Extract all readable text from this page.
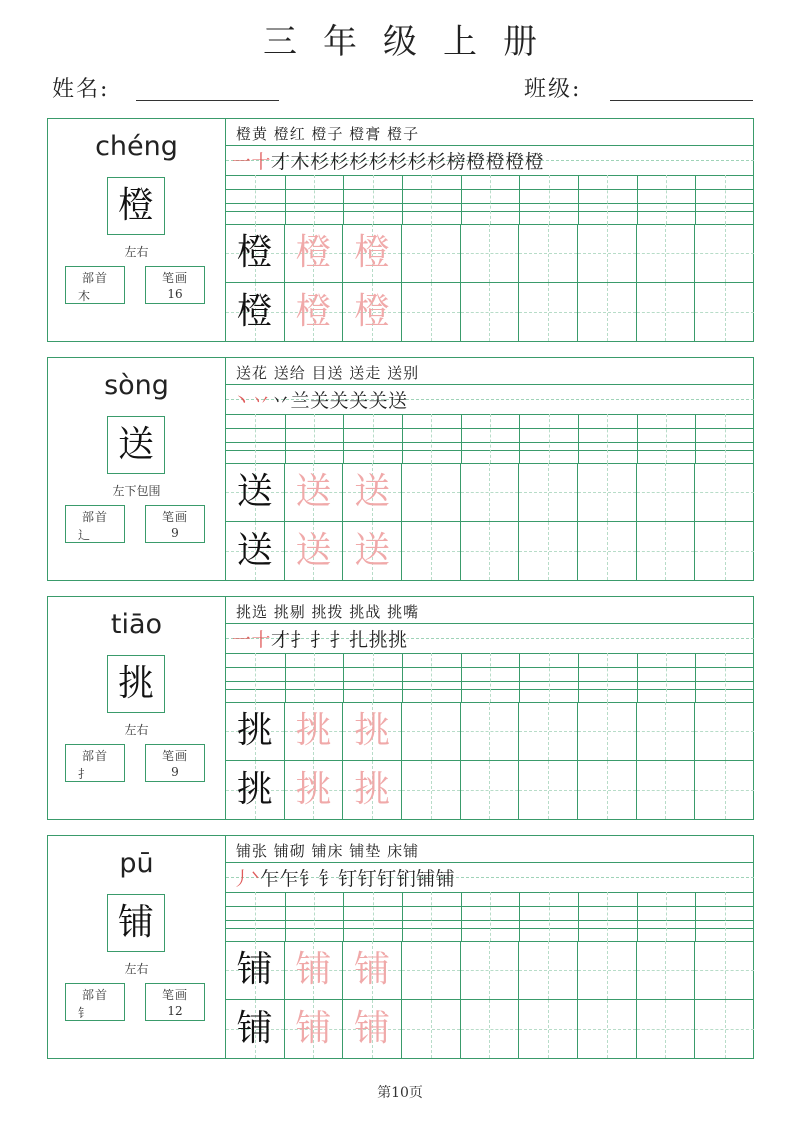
三年级上册
姓名:	班级:
chéng
橙
左右
部首
木
笔画
16
橙黄 橙红 橙子 橙膏 橙子
一十才木杉杉杉杉杉杉杉榜橙橙橙橙
橙 橙 橙
橙 橙 橙
sòng
送
左下包围
部首
辶
笔画
9
送花 送给 目送 送走 送别
丶丷丷兰关关关关送
送 送 送
送 送 送
tiāo
挑
左右
部首
扌
笔画
9
挑选 挑剔 挑拨 挑战 挑嘴
一十才扌扌扌扎挑挑
挑 挑 挑
挑 挑 挑
pū
铺
左右
部首
钅
笔画
12
铺张 铺砌 铺床 铺垫 床铺
丿ᐠ乍乍钅钅钉钉钉钔铺铺
铺 铺 铺
铺 铺 铺
第10页
